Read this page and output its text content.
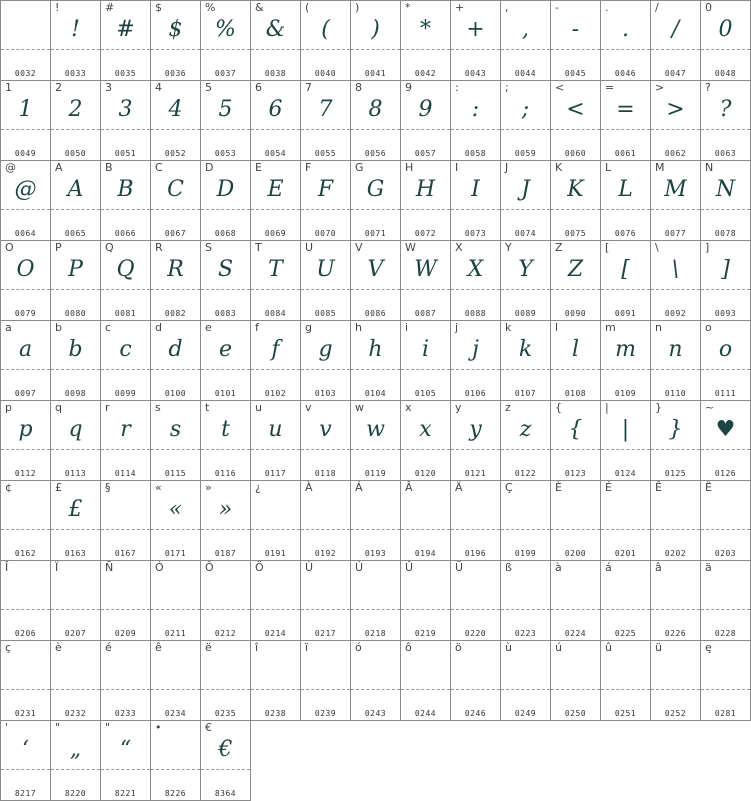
0032
!
!
0033
#
#
0035
$
$
0036
%
%
0037
&
&
0038
(
(
0040
)
)
0041
*
*
0042
+
+
0043
,
,
0044
-
-
0045
.
.
0046
/
/
0047
0
0
0048
1
1
0049
2
2
0050
3
3
0051
4
4
0052
5
5
0053
6
6
0054
7
7
0055
8
8
0056
9
9
0057
:
:
0058
;
;
0059
<
<
0060
=
=
0061
>
>
0062
?
?
0063
@
@
0064
A
A
0065
B
B
0066
C
C
0067
D
D
0068
E
E
0069
F
F
0070
G
G
0071
H
H
0072
I
I
0073
J
J
0074
K
K
0075
L
L
0076
M
M
0077
N
N
0078
O
O
0079
P
P
0080
Q
Q
0081
R
R
0082
S
S
0083
T
T
0084
U
U
0085
V
V
0086
W
W
0087
X
X
0088
Y
Y
0089
Z
Z
0090
[
[
0091
\
\
0092
]
]
0093
a
a
0097
b
b
0098
c
c
0099
d
d
0100
e
e
0101
f
f
0102
g
g
0103
h
h
0104
i
i
0105
j
j
0106
k
k
0107
l
l
0108
m
m
0109
n
n
0110
o
o
0111
p
p
0112
q
q
0113
r
r
0114
s
s
0115
t
t
0116
u
u
0117
v
v
0118
w
w
0119
x
x
0120
y
y
0121
z
z
0122
{
{
0123
|
|
0124
}
}
0125
~
♥
0126
¢
0162
£
£
0163
§
0167
«
«
0171
»
»
0187
¿
0191
À
0192
Á
0193
Â
0194
Ä
0196
Ç
0199
È
0200
É
0201
Ê
0202
Ë
0203
Î
0206
Ï
0207
Ñ
0209
Ó
0211
Ô
0212
Ö
0214
Ù
0217
Ú
0218
Û
0219
Ü
0220
ß
0223
à
0224
á
0225
â
0226
ä
0228
ç
0231
è
0232
é
0233
ê
0234
ë
0235
î
0238
ï
0239
ó
0243
ô
0244
ö
0246
ù
0249
ú
0250
û
0251
ü
0252
ę
0281
'
‘
8217
"
„
8220
"
“
8221
•
8226
€
€
8364
